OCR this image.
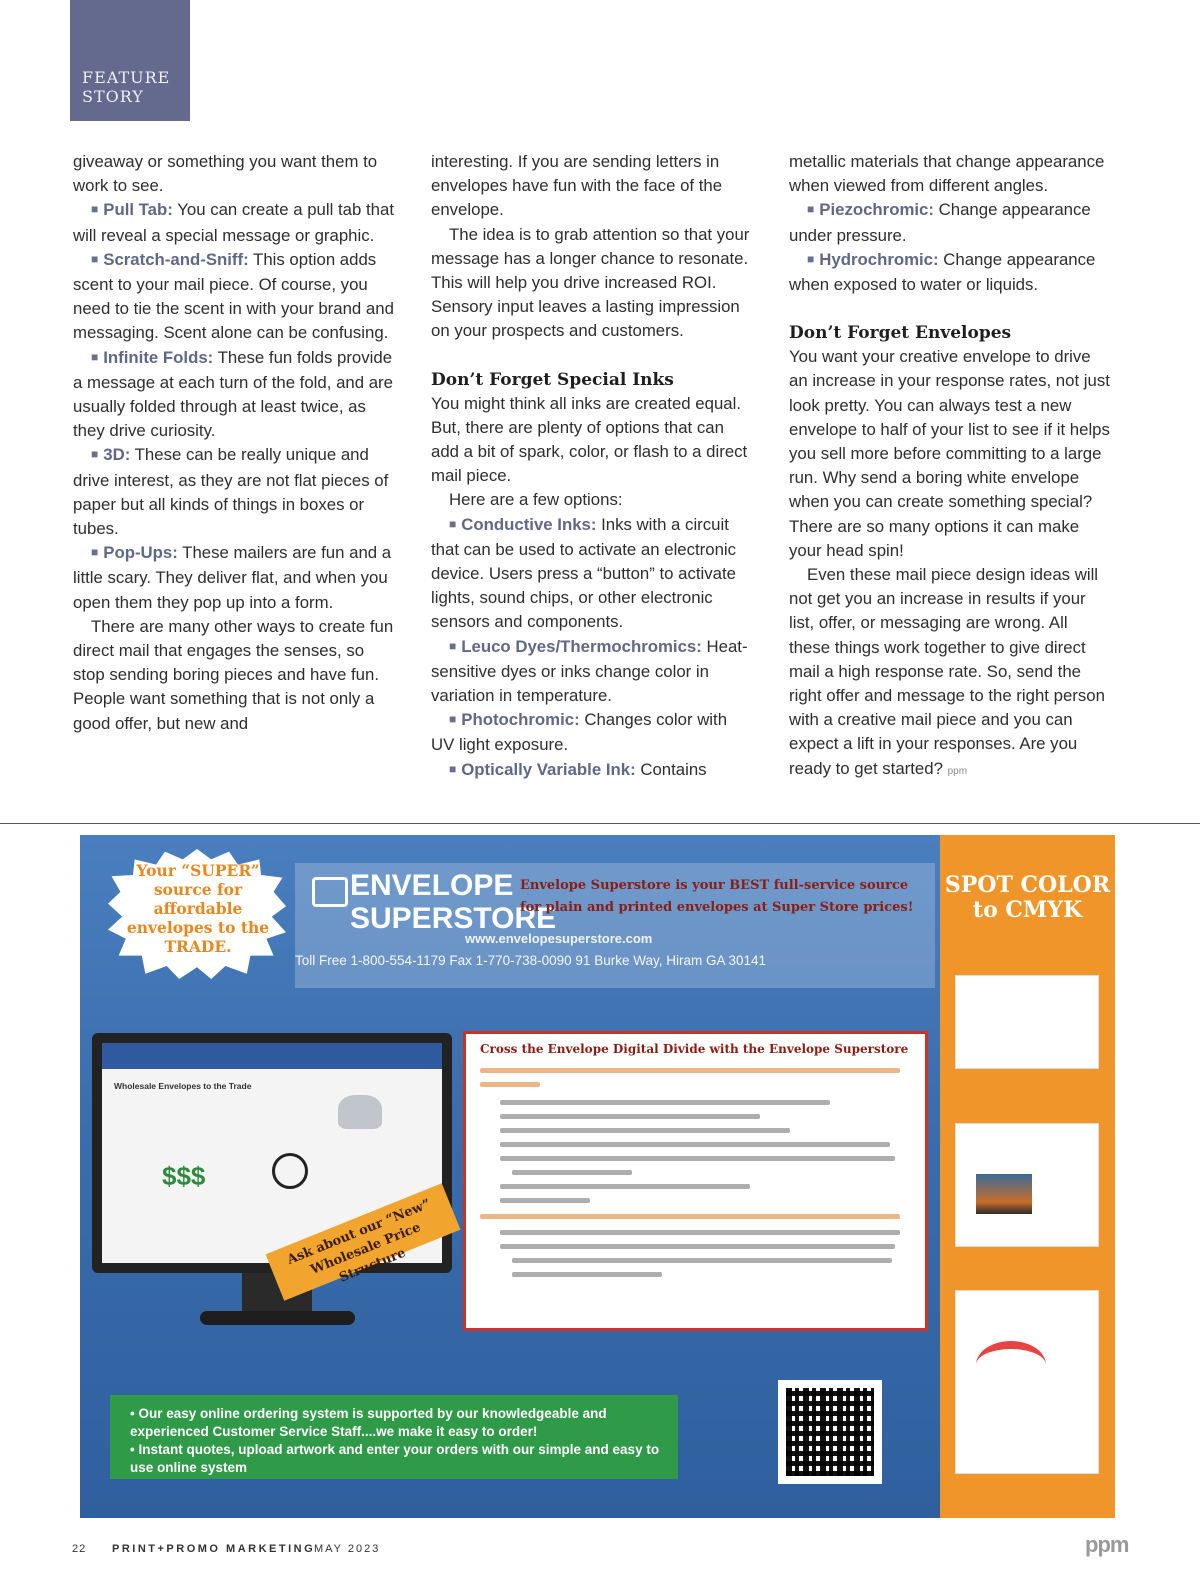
FEATURE
STORY

giveaway or something you want them to work to see.

■ Pull Tab: You can create a pull tab that will reveal a special message or graphic.

■ Scratch-and-Sniff: This option adds scent to your mail piece. Of course, you need to tie the scent in with your brand and messaging. Scent alone can be confusing.

■ Infinite Folds: These fun folds provide a message at each turn of the fold, and are usually folded through at least twice, as they drive curiosity.

■ 3D: These can be really unique and drive interest, as they are not flat pieces of paper but all kinds of things in boxes or tubes.

■ Pop-Ups: These mailers are fun and a little scary. They deliver flat, and when you open them they pop up into a form.

There are many other ways to create fun direct mail that engages the senses, so stop sending boring pieces and have fun. People want something that is not only a good offer, but new and

interesting. If you are sending letters in envelopes have fun with the face of the envelope.

The idea is to grab attention so that your message has a longer chance to resonate. This will help you drive increased ROI. Sensory input leaves a lasting impression on your prospects and customers.

Don’t Forget Special Inks

You might think all inks are created equal. But, there are plenty of options that can add a bit of spark, color, or flash to a direct mail piece.

Here are a few options:

■ Conductive Inks: Inks with a circuit that can be used to activate an electronic device. Users press a “button” to activate lights, sound chips, or other electronic sensors and components.

■ Leuco Dyes/Thermochromics: Heat-sensitive dyes or inks change color in variation in temperature.

■ Photochromic: Changes color with UV light exposure.

■ Optically Variable Ink: Contains

metallic materials that change appearance when viewed from different angles.

■ Piezochromic: Change appearance under pressure.

■ Hydrochromic: Change appearance when exposed to water or liquids.

Don’t Forget Envelopes

You want your creative envelope to drive an increase in your response rates, not just look pretty. You can always test a new envelope to half of your list to see if it helps you sell more before committing to a large run. Why send a boring white envelope when you can create something special? There are so many options it can make your head spin!

Even these mail piece design ideas will not get you an increase in results if your list, offer, or messaging are wrong. All these things work together to give direct mail a high response rate. So, send the right offer and message to the right person with a creative mail piece and you can expect a lift in your responses. Are you ready to get started? ppm

Your “SUPER” source for affordable envelopes to the TRADE.
ENVELOPE
SUPERSTORE
Envelope Superstore is your BEST full-service source
for plain and printed envelopes at Super Store prices!
www.envelopesuperstore.com
Toll Free 1-800-554-1179 Fax 1-770-738-0090 91 Burke Way, Hiram GA 30141
Wholesale Envelopes to the Trade
$$$
Ask about our “New” Wholesale Price Structure
Cross the Envelope Digital Divide with the Envelope Superstore
• Our easy online ordering system is supported by our knowledgeable and experienced Customer Service Staff....we make it easy to order!
• Instant quotes, upload artwork and enter your orders with our simple and easy to use online system
SPOT COLOR to CMYK
22 PRINT+PROMO MARKETING
MAY 2023	ppm
